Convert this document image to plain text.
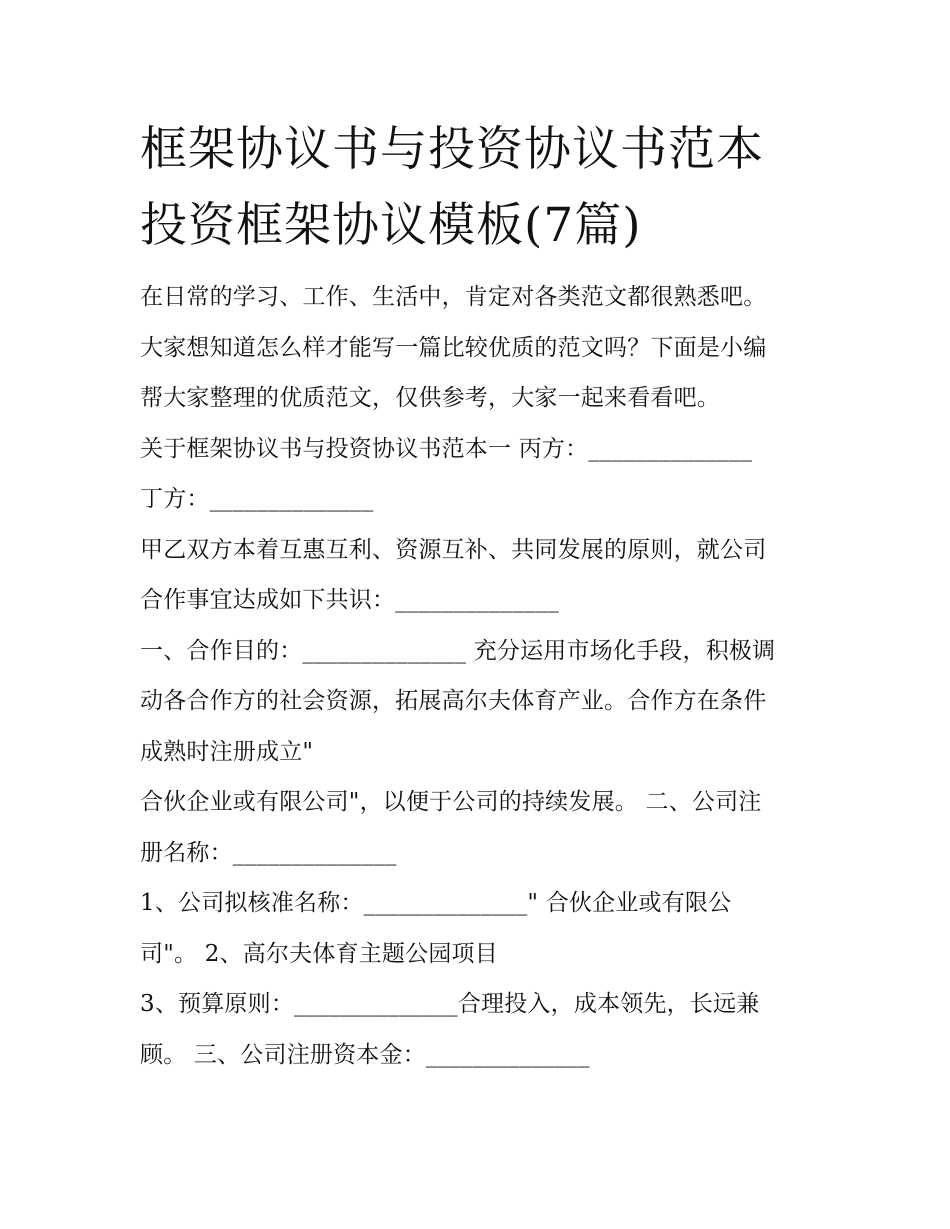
框架协议书与投资协议书范本
投资框架协议模板(7篇)
在日常的学习、工作、生活中，肯定对各类范文都很熟悉吧。
大家想知道怎么样才能写一篇比较优质的范文吗？下面是小编
帮大家整理的优质范文，仅供参考，大家一起来看看吧。
关于框架协议书与投资协议书范本一 丙方：______________
丁方：______________
甲乙双方本着互惠互利、资源互补、共同发展的原则，就公司
合作事宜达成如下共识：______________
一、合作目的：______________ 充分运用市场化手段，积极调
动各合作方的社会资源，拓展高尔夫体育产业。合作方在条件
成熟时注册成立"
合伙企业或有限公司"，以便于公司的持续发展。 二、公司注
册名称：______________
1、公司拟核准名称：______________" 合伙企业或有限公
司"。 2、高尔夫体育主题公园项目
3、预算原则：______________合理投入，成本领先，长远兼
顾。 三、公司注册资本金：______________
